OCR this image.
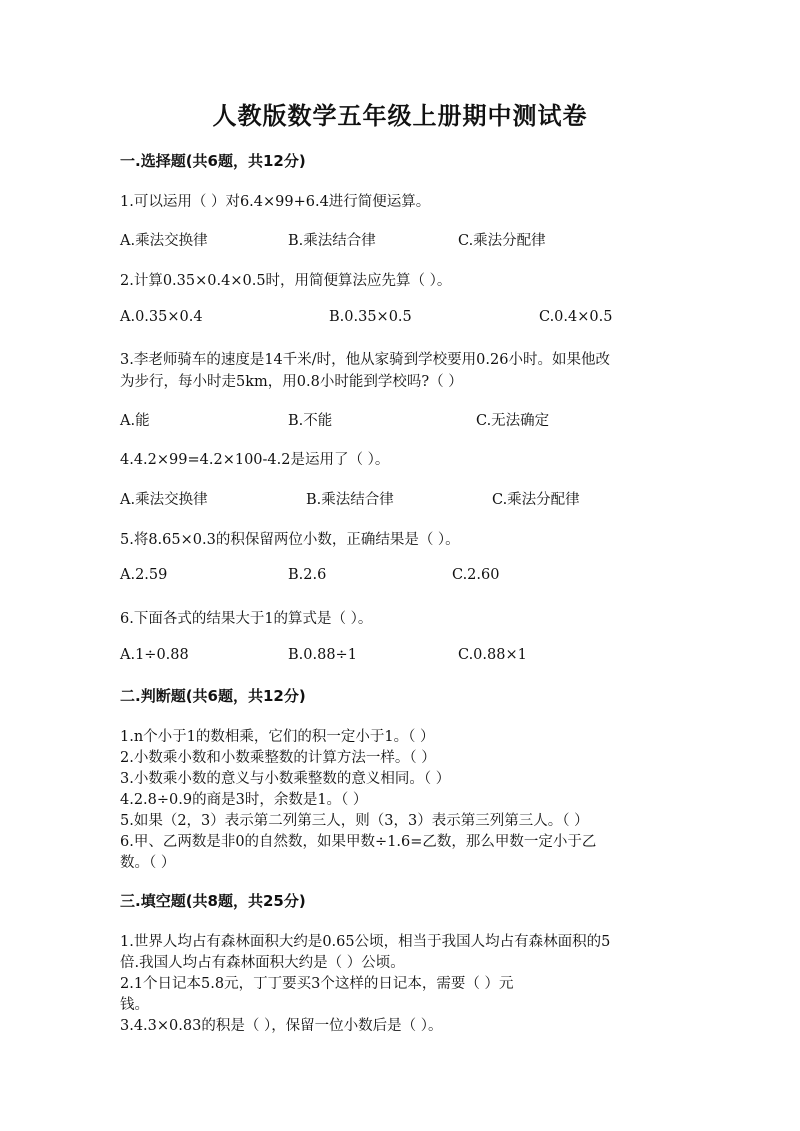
人教版数学五年级上册期中测试卷
一.选择题(共6题，共12分)
1.可以运用（ ）对6.4×99+6.4进行简便运算。
A.乘法交换律	B.乘法结合律	C.乘法分配律
2.计算0.35×0.4×0.5时，用简便算法应先算（ ）。
A.0.35×0.4	B.0.35×0.5	C.0.4×0.5
3.李老师骑车的速度是14千米/时，他从家骑到学校要用0.26小时。如果他改
为步行，每小时走5km，用0.8小时能到学校吗?（ ）
A.能	B.不能	C.无法确定
4.4.2×99=4.2×100-4.2是运用了（ ）。
A.乘法交换律	B.乘法结合律	C.乘法分配律
5.将8.65×0.3的积保留两位小数，正确结果是（ ）。
A.2.59	B.2.6	C.2.60
6.下面各式的结果大于1的算式是（ ）。
A.1÷0.88	B.0.88÷1	C.0.88×1
二.判断题(共6题，共12分)
1.n个小于1的数相乘，它们的积一定小于1。（ ）
2.小数乘小数和小数乘整数的计算方法一样。（ ）
3.小数乘小数的意义与小数乘整数的意义相同。（ ）
4.2.8÷0.9的商是3时，余数是1。（ ）
5.如果（2，3）表示第二列第三人，则（3，3）表示第三列第三人。（ ）
6.甲、乙两数是非0的自然数，如果甲数÷1.6=乙数，那么甲数一定小于乙
数。（ ）
三.填空题(共8题，共25分)
1.世界人均占有森林面积大约是0.65公顷，相当于我国人均占有森林面积的5
倍.我国人均占有森林面积大约是（ ）公顷。
2.1个日记本5.8元，丁丁要买3个这样的日记本，需要（ ）元
钱。
3.4.3×0.83的积是（ ），保留一位小数后是（ ）。
